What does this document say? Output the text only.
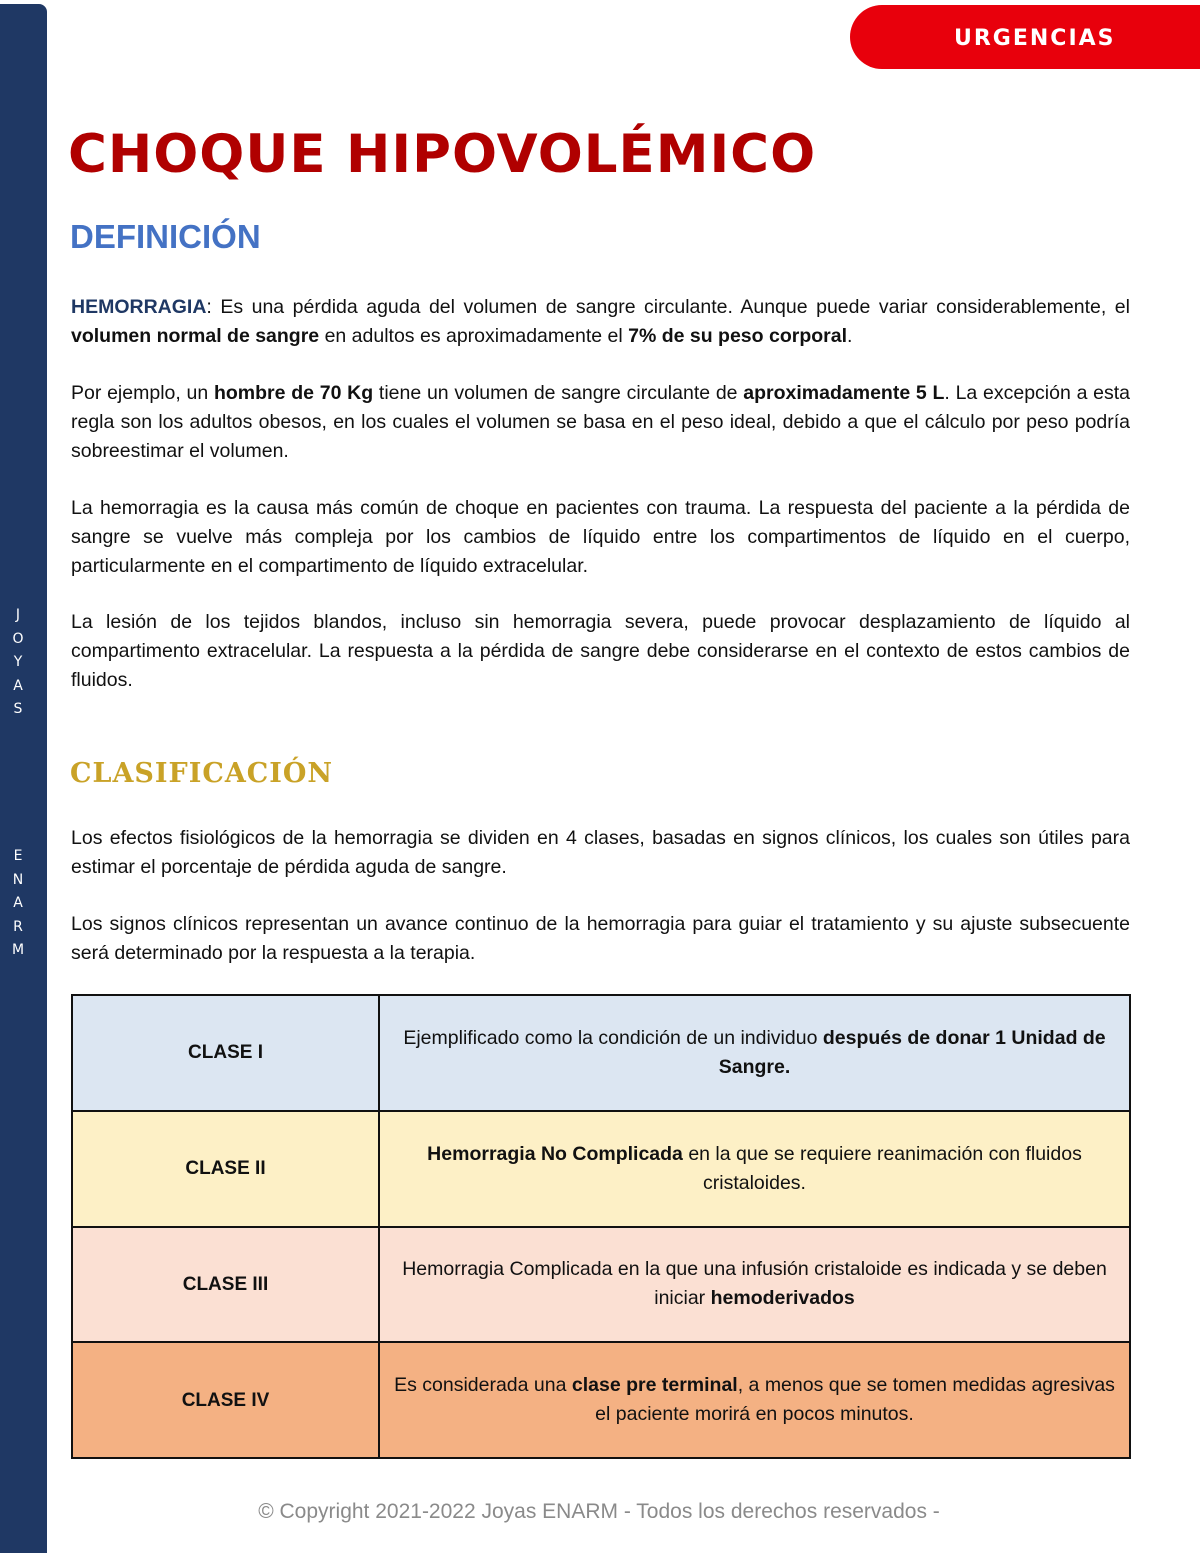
J
O
Y
A
S
E
N
A
R
M
URGENCIAS
CHOQUE HIPOVOLÉMICO
DEFINICIÓN

HEMORRAGIA: Es una pérdida aguda del volumen de sangre circulante. Aunque puede variar considerablemente, el volumen normal de sangre en adultos es aproximadamente el 7% de su peso corporal.

Por ejemplo, un hombre de 70 Kg tiene un volumen de sangre circulante de aproximadamente 5 L. La excepción a esta regla son los adultos obesos, en los cuales el volumen se basa en el peso ideal, debido a que el cálculo por peso podría sobreestimar el volumen.

La hemorragia es la causa más común de choque en pacientes con trauma. La respuesta del paciente a la pérdida de sangre se vuelve más compleja por los cambios de líquido entre los compartimentos de líquido en el cuerpo, particularmente en el compartimento de líquido extracelular.

La lesión de los tejidos blandos, incluso sin hemorragia severa, puede provocar desplazamiento de líquido al compartimento extracelular. La respuesta a la pérdida de sangre debe considerarse en el contexto de estos cambios de fluidos.

CLASIFICACIÓN

Los efectos fisiológicos de la hemorragia se dividen en 4 clases, basadas en signos clínicos, los cuales son útiles para estimar el porcentaje de pérdida aguda de sangre.

Los signos clínicos representan un avance continuo de la hemorragia para guiar el tratamiento y su ajuste subsecuente será determinado por la respuesta a la terapia.

CLASE I	Ejemplificado como la condición de un individuo después de donar 1 Unidad de Sangre.
CLASE II	Hemorragia No Complicada en la que se requiere reanimación con fluidos cristaloides.
CLASE III	Hemorragia Complicada en la que una infusión cristaloide es indicada y se deben iniciar hemoderivados
CLASE IV	Es considerada una clase pre terminal, a menos que se tomen medidas agresivas el paciente morirá en pocos minutos.
© Copyright 2021-2022 Joyas ENARM - Todos los derechos reservados -
